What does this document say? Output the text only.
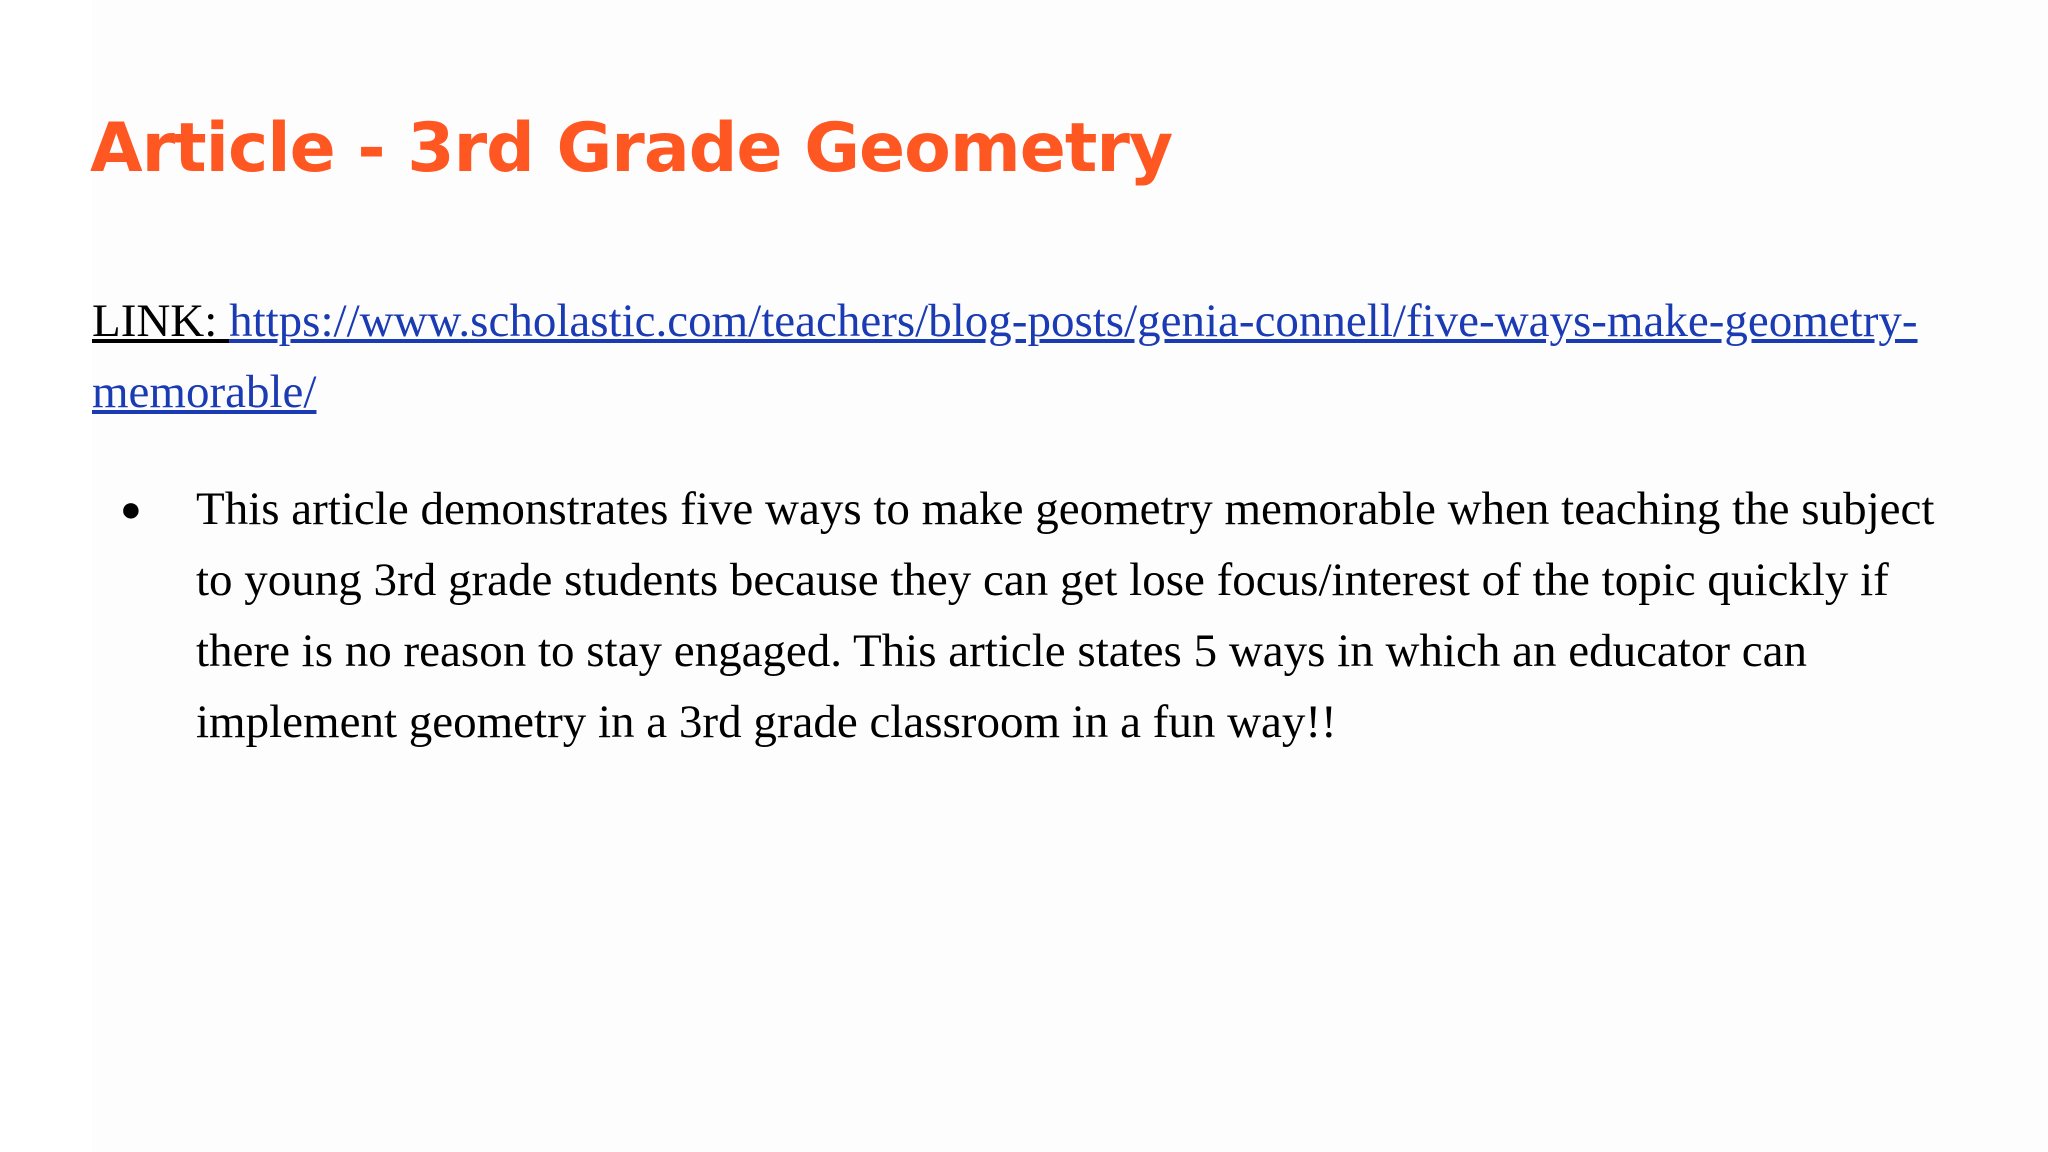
Article - 3rd Grade Geometry

LINK: https://www.scholastic.com/teachers/blog-posts/genia-connell/five-ways-make-geometry-memorable/

● This article demonstrates five ways to make geometry memorable when teaching the subject to young 3rd grade students because they can get lose focus/interest of the topic quickly if there is no reason to stay engaged. This article states 5 ways in which an educator can implement geometry in a 3rd grade classroom in a fun way!!
